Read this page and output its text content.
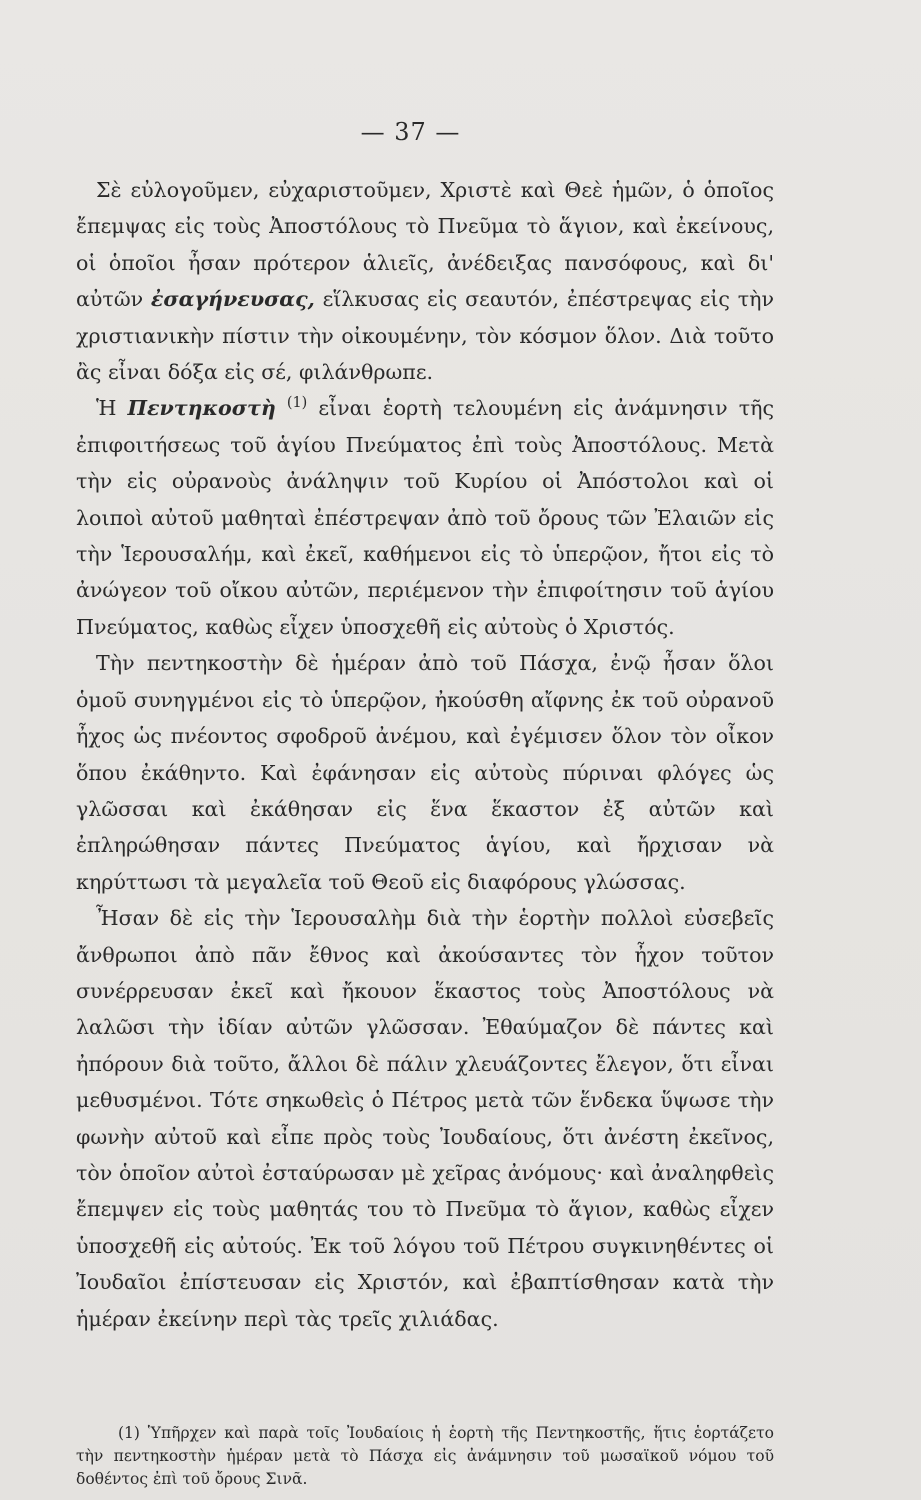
— 37 —

Σὲ εὐλογοῦμεν, εὐχαριστοῦμεν, Χριστὲ καὶ Θεὲ ἡμῶν, ὁ ὁποῖος ἔπεμψας εἰς τοὺς Ἀποστόλους τὸ Πνεῦμα τὸ ἅγιον, καὶ ἐκείνους, οἱ ὁποῖοι ἦσαν πρότερον ἁλιεῖς, ἀνέδειξας πανσόφους, καὶ δι' αὐτῶν ἐσαγήνευσας, εἵλκυσας εἰς σεαυτόν, ἐπέστρεψας εἰς τὴν χριστιανικὴν πίστιν τὴν οἰκουμένην, τὸν κόσμον ὅλον. Διὰ τοῦτο ἂς εἶναι δόξα εἰς σέ, φιλάνθρωπε.

Ἡ Πεντηκοστὴ $^{(1)}$ εἶναι ἑορτὴ τελουμένη εἰς ἀνάμνησιν τῆς ἐπιφοιτήσεως τοῦ ἁγίου Πνεύματος ἐπὶ τοὺς Ἀποστόλους. Μετὰ τὴν εἰς οὐρανοὺς ἀνάληψιν τοῦ Κυρίου οἱ Ἀπόστολοι καὶ οἱ λοιποὶ αὐτοῦ μαθηταὶ ἐπέστρεψαν ἀπὸ τοῦ ὄρους τῶν Ἐλαιῶν εἰς τὴν Ἱερουσαλήμ, καὶ ἐκεῖ, καθήμενοι εἰς τὸ ὑπερῷον, ἤτοι εἰς τὸ ἀνώγεον τοῦ οἴκου αὐτῶν, περιέμενον τὴν ἐπιφοίτησιν τοῦ ἁγίου Πνεύματος, καθὼς εἶχεν ὑποσχεθῆ εἰς αὐτοὺς ὁ Χριστός.

Τὴν πεντηκοστὴν δὲ ἡμέραν ἀπὸ τοῦ Πάσχα, ἐνῷ ἦσαν ὅλοι ὁμοῦ συνηγμένοι εἰς τὸ ὑπερῷον, ἠκούσθη αἴφνης ἐκ τοῦ οὐρανοῦ ἦχος ὡς πνέοντος σφοδροῦ ἀνέμου, καὶ ἐγέμισεν ὅλον τὸν οἶκον ὅπου ἐκάθηντο. Καὶ ἐφάνησαν εἰς αὐτοὺς πύριναι φλόγες ὡς γλῶσσαι καὶ ἐκάθησαν εἰς ἕνα ἕκαστον ἐξ αὐτῶν καὶ ἐπληρώθησαν πάντες Πνεύματος ἁγίου, καὶ ἤρχισαν νὰ κηρύττωσι τὰ μεγαλεῖα τοῦ Θεοῦ εἰς διαφόρους γλώσσας.

Ἦσαν δὲ εἰς τὴν Ἱερουσαλὴμ διὰ τὴν ἑορτὴν πολλοὶ εὐσεβεῖς ἄνθρωποι ἀπὸ πᾶν ἔθνος καὶ ἀκούσαντες τὸν ἦχον τοῦτον συνέρρευσαν ἐκεῖ καὶ ἤκουον ἕκαστος τοὺς Ἀποστόλους νὰ λαλῶσι τὴν ἰδίαν αὐτῶν γλῶσσαν. Ἐθαύμαζον δὲ πάντες καὶ ἠπόρουν διὰ τοῦτο, ἄλλοι δὲ πάλιν χλευάζοντες ἔλεγον, ὅτι εἶναι μεθυσμένοι. Τότε σηκωθεὶς ὁ Πέτρος μετὰ τῶν ἕνδεκα ὕψωσε τὴν φωνὴν αὐτοῦ καὶ εἶπε πρὸς τοὺς Ἰουδαίους, ὅτι ἀνέστη ἐκεῖνος, τὸν ὁποῖον αὐτοὶ ἐσταύρωσαν μὲ χεῖρας ἀνόμους· καὶ ἀναληφθεὶς ἔπεμψεν εἰς τοὺς μαθητάς του τὸ Πνεῦμα τὸ ἅγιον, καθὼς εἶχεν ὑποσχεθῆ εἰς αὐτούς. Ἐκ τοῦ λόγου τοῦ Πέτρου συγκινηθέντες οἱ Ἰουδαῖοι ἐπίστευσαν εἰς Χριστόν, καὶ ἐβαπτίσθησαν κατὰ τὴν ἡμέραν ἐκείνην περὶ τὰς τρεῖς χιλιάδας.

(1) Ὑπῆρχεν καὶ παρὰ τοῖς Ἰουδαίοις ἡ ἑορτὴ τῆς Πεντηκοστῆς, ἥτις ἑορτάζετο τὴν πεντηκοστὴν ἡμέραν μετὰ τὸ Πάσχα εἰς ἀνάμνησιν τοῦ μωσαϊκοῦ νόμου τοῦ δοθέντος ἐπὶ τοῦ ὄρους Σινᾶ.
